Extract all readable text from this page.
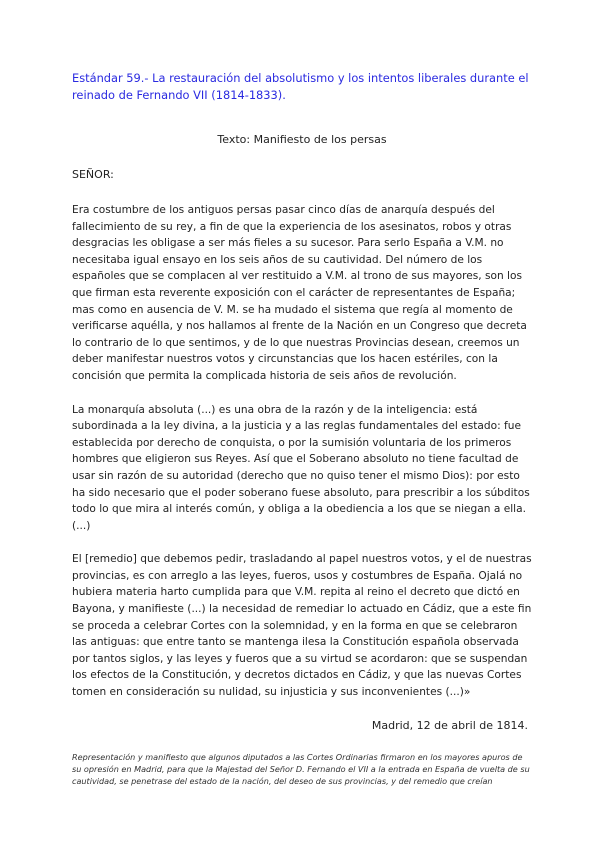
Estándar 59.- La restauración del absolutismo y los intentos liberales durante el reinado de Fernando VII (1814-1833).

Texto: Manifiesto de los persas

SEÑOR:

Era costumbre de los antiguos persas pasar cinco días de anarquía después del fallecimiento de su rey, a fin de que la experiencia de los asesinatos, robos y otras desgracias les obligase a ser más fieles a su sucesor. Para serlo España a V.M. no necesitaba igual ensayo en los seis años de su cautividad. Del número de los españoles que se complacen al ver restituido a V.M. al trono de sus mayores, son los que firman esta reverente exposición con el carácter de representantes de España; mas como en ausencia de V. M. se ha mudado el sistema que regía al momento de verificarse aquélla, y nos hallamos al frente de la Nación en un Congreso que decreta lo contrario de lo que sentimos, y de lo que nuestras Provincias desean, creemos un deber manifestar nuestros votos y circunstancias que los hacen estériles, con la concisión que permita la complicada historia de seis años de revolución.

La monarquía absoluta (...) es una obra de la razón y de la inteligencia: está subordinada a la ley divina, a la justicia y a las reglas fundamentales del estado: fue establecida por derecho de conquista, o por la sumisión voluntaria de los primeros hombres que eligieron sus Reyes. Así que el Soberano absoluto no tiene facultad de usar sin razón de su autoridad (derecho que no quiso tener el mismo Dios): por esto ha sido necesario que el poder soberano fuese absoluto, para prescribir a los súbditos todo lo que mira al interés común, y obliga a la obediencia a los que se niegan a ella. (...)

El [remedio] que debemos pedir, trasladando al papel nuestros votos, y el de nuestras provincias, es con arreglo a las leyes, fueros, usos y costumbres de España. Ojalá no hubiera materia harto cumplida para que V.M. repita al reino el decreto que dictó en Bayona, y manifieste (...) la necesidad de remediar lo actuado en Cádiz, que a este fin se proceda a celebrar Cortes con la solemnidad, y en la forma en que se celebraron las antiguas: que entre tanto se mantenga ilesa la Constitución española observada por tantos siglos, y las leyes y fueros que a su virtud se acordaron: que se suspendan los efectos de la Constitución, y decretos dictados en Cádiz, y que las nuevas Cortes tomen en consideración su nulidad, su injusticia y sus inconvenientes (...)»

Madrid, 12 de abril de 1814.

Representación y manifiesto que algunos diputados a las Cortes Ordinarias firmaron en los mayores apuros de su opresión en Madrid, para que la Majestad del Señor D. Fernando el VII a la entrada en España de vuelta de su cautividad, se penetrase del estado de la nación, del deseo de sus provincias, y del remedio que creían
